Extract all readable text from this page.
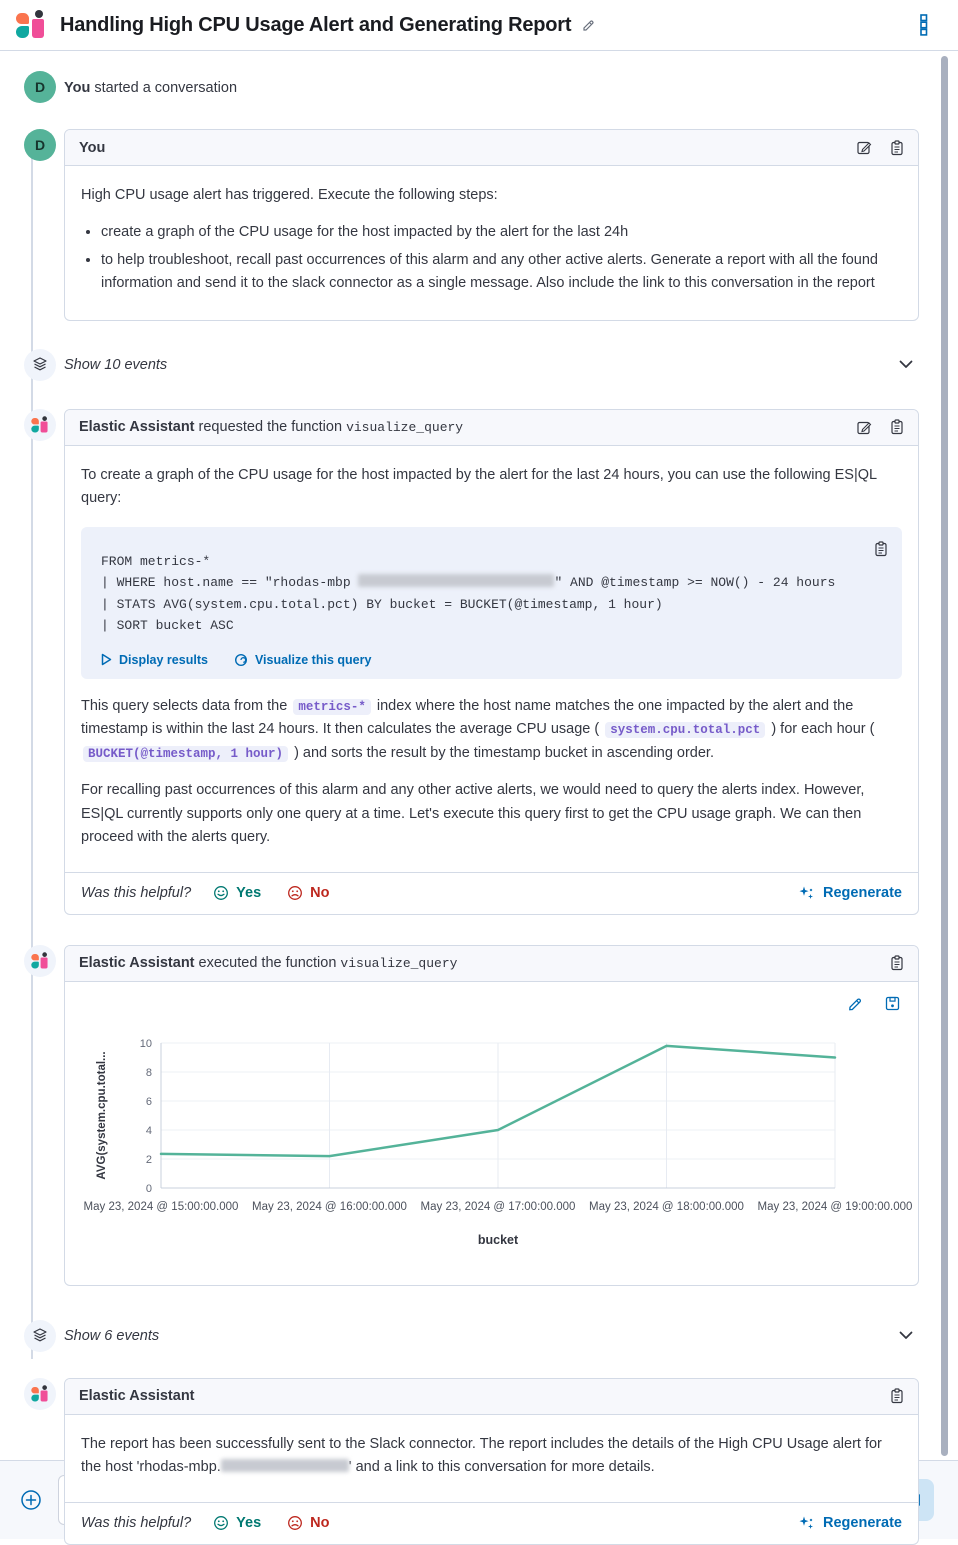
Handling High CPU Usage Alert and Generating Report
D	You started a conversation
D	You

High CPU usage alert has triggered. Execute the following steps:

• create a graph of the CPU usage for the host impacted by the alert for the last 24h
• to help troubleshoot, recall past occurrences of this alarm and any other active alerts. Generate a report with all the found information and send it to the slack connector as a single message. Also include the link to this conversation in the report
Show 10 events
Elastic Assistant requested the function visualize_query

To create a graph of the CPU usage for the host impacted by the alert for the last 24 hours, you can use the following ES|QL query:

FROM metrics-*
| WHERE host.name == "rhodas-mbp	" AND @timestamp >= NOW() - 24 hours
| STATS AVG(system.cpu.total.pct) BY bucket = BUCKET(@timestamp, 1 hour)
| SORT bucket ASC
Display results	Visualize this query

This query selects data from the metrics-* index where the host name matches the one impacted by the alert and the timestamp is within the last 24 hours. It then calculates the average CPU usage ( system.cpu.total.pct ) for each hour ( BUCKET(@timestamp, 1 hour) ) and sorts the result by the timestamp bucket in ascending order.

For recalling past occurrences of this alarm and any other active alerts, we would need to query the alerts index. However, ES|QL currently supports only one query at a time. Let's execute this query first to get the CPU usage graph. We can then proceed with the alerts query.

Was this helpful?	Yes	No	Regenerate
Elastic Assistant executed the function visualize_query
0
2
4
6
8
10
May 23, 2024 @ 15:00:00.000 May 23, 2024 @ 16:00:00.000 May 23, 2024 @ 17:00:00.000 May 23, 2024 @ 18:00:00.000 May 23, 2024 @ 19:00:00.000
AVG(system.cpu.total...
bucket
Show 6 events
Elastic Assistant

The report has been successfully sent to the Slack connector. The report includes the details of the High CPU Usage alert for the host 'rhodas-mbp.	' and a link to this conversation for more details.

Was this helpful?	Yes	No	Regenerate
Send a message to the Assistant
